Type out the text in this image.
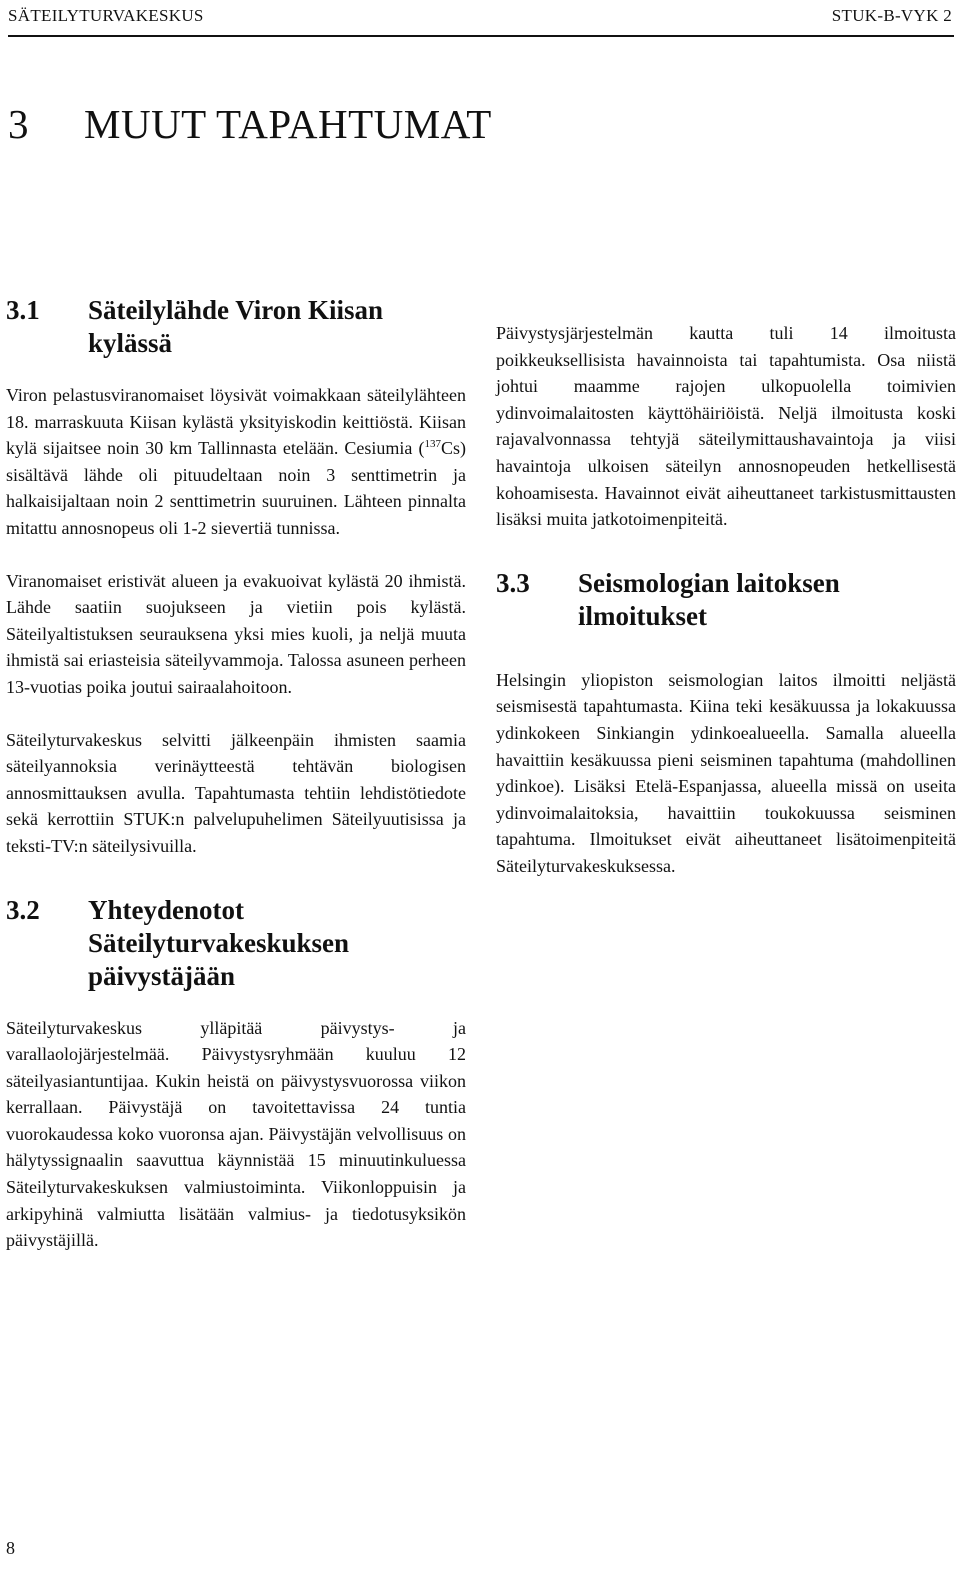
SÄTEILYTURVAKESKUS	STUK-B-VYK 2
3 MUUT TAPAHTUMAT
3.1	Säteilylähde Viron Kiisan kylässä

Viron pelastusviranomaiset löysivät voimakkaan säteilylähteen 18. marraskuuta Kiisan kylästä yksityiskodin keittiöstä. Kiisan kylä sijaitsee noin 30 km Tallinnasta etelään. Cesiumia ($^{137}$Cs) sisältävä lähde oli pituudeltaan noin 3 senttimetrin ja halkaisijaltaan noin 2 senttimetrin suuruinen. Lähteen pinnalta mitattu annosnopeus oli 1-2 sievertiä tunnissa.

Viranomaiset eristivät alueen ja evakuoivat kylästä 20 ihmistä. Lähde saatiin suojukseen ja vietiin pois kylästä. Säteilyaltistuksen seurauksena yksi mies kuoli, ja neljä muuta ihmistä sai eriasteisia säteilyvammoja. Talossa asuneen perheen 13-vuotias poika joutui sairaalahoitoon.

Säteilyturvakeskus selvitti jälkeenpäin ihmisten saamia säteilyannoksia verinäytteestä tehtävän biologisen annosmittauksen avulla. Tapahtumasta tehtiin lehdistötiedote sekä kerrottiin STUK:n palvelupuhelimen Säteilyuutisissa ja teksti-TV:n säteilysivuilla.

3.2	Yhteydenotot Säteilyturvakeskuksen päivystäjään

Säteilyturvakeskus ylläpitää päivystys- ja varallaolojärjestelmää. Päivystysryhmään kuuluu 12 säteilyasiantuntijaa. Kukin heistä on päivystysvuorossa viikon kerrallaan. Päivystäjä on tavoitettavissa 24 tuntia vuorokaudessa koko vuoronsa ajan. Päivystäjän velvollisuus on hälytyssignaalin saavuttua käynnistää 15 minuutinkuluessa Säteilyturvakeskuksen valmiustoiminta. Viikonloppuisin ja arkipyhinä valmiutta lisätään valmius- ja tiedotusyksikön päivystäjillä.

Päivystysjärjestelmän kautta tuli 14 ilmoitusta poikkeuksellisista havainnoista tai tapahtumista. Osa niistä johtui maamme rajojen ulkopuolella toimivien ydinvoimalaitosten käyttöhäiriöistä. Neljä ilmoitusta koski rajavalvonnassa tehtyjä säteilymittaushavaintoja ja viisi havaintoja ulkoisen säteilyn annosnopeuden hetkellisestä kohoamisesta. Havainnot eivät aiheuttaneet tarkistusmittausten lisäksi muita jatkotoimenpiteitä.

3.3	Seismologian laitoksen ilmoitukset

Helsingin yliopiston seismologian laitos ilmoitti neljästä seismisestä tapahtumasta. Kiina teki kesäkuussa ja lokakuussa ydinkokeen Sinkiangin ydinkoealueella. Samalla alueella havaittiin kesäkuussa pieni seisminen tapahtuma (mahdollinen ydinkoe). Lisäksi Etelä-Espanjassa, alueella missä on useita ydinvoimalaitoksia, havaittiin toukokuussa seisminen tapahtuma. Ilmoitukset eivät aiheuttaneet lisätoimenpiteitä Säteilyturvakeskuksessa.

8
